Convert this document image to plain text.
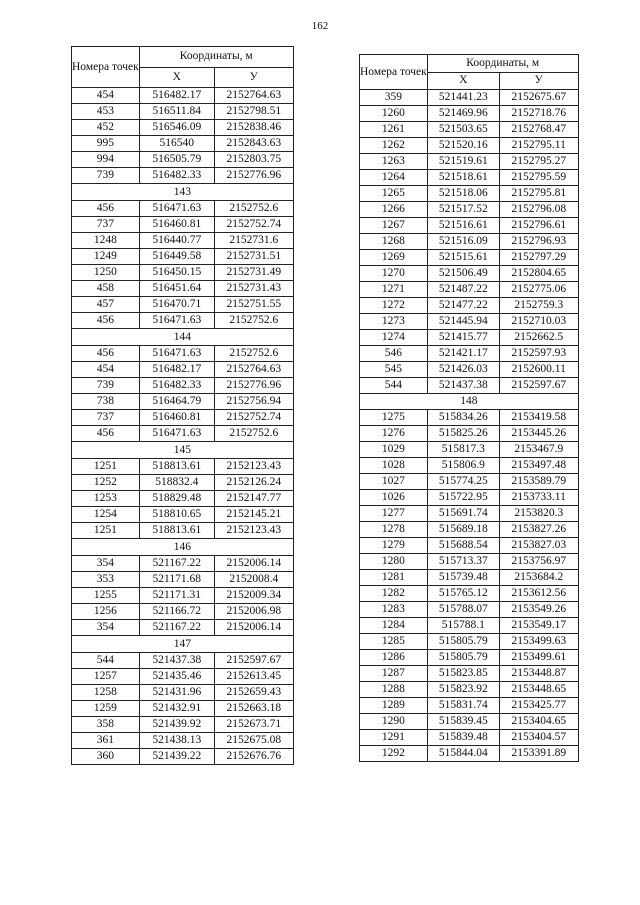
162
Номера точек	Координаты, м	
	X	У
454	516482.17	2152764.63
453	516511.84	2152798.51
452	516546.09	2152838.46
995	516540	2152843.63
994	516505.79	2152803.75
739	516482.33	2152776.96
143		
456	516471.63	2152752.6
737	516460.81	2152752.74
1248	516440.77	2152731.6
1249	516449.58	2152731.51
1250	516450.15	2152731.49
458	516451.64	2152731.43
457	516470.71	2152751.55
456	516471.63	2152752.6
144		
456	516471.63	2152752.6
454	516482.17	2152764.63
739	516482.33	2152776.96
738	516464.79	2152756.94
737	516460.81	2152752.74
456	516471.63	2152752.6
145		
1251	518813.61	2152123.43
1252	518832.4	2152126.24
1253	518829.48	2152147.77
1254	518810.65	2152145.21
1251	518813.61	2152123.43
146		
354	521167.22	2152006.14
353	521171.68	2152008.4
1255	521171.31	2152009.34
1256	521166.72	2152006.98
354	521167.22	2152006.14
147		
544	521437.38	2152597.67
1257	521435.46	2152613.45
1258	521431.96	2152659.43
1259	521432.91	2152663.18
358	521439.92	2152673.71
361	521438.13	2152675.08
360	521439.22	2152676.76
Номера точек	Координаты, м	
	X	У
359	521441.23	2152675.67
1260	521469.96	2152718.76
1261	521503.65	2152768.47
1262	521520.16	2152795.11
1263	521519.61	2152795.27
1264	521518.61	2152795.59
1265	521518.06	2152795.81
1266	521517.52	2152796.08
1267	521516.61	2152796.61
1268	521516.09	2152796.93
1269	521515.61	2152797.29
1270	521506.49	2152804.65
1271	521487.22	2152775.06
1272	521477.22	2152759.3
1273	521445.94	2152710.03
1274	521415.77	2152662.5
546	521421.17	2152597.93
545	521426.03	2152600.11
544	521437.38	2152597.67
148		
1275	515834.26	2153419.58
1276	515825.26	2153445.26
1029	515817.3	2153467.9
1028	515806.9	2153497.48
1027	515774.25	2153589.79
1026	515722.95	2153733.11
1277	515691.74	2153820.3
1278	515689.18	2153827.26
1279	515688.54	2153827.03
1280	515713.37	2153756.97
1281	515739.48	2153684.2
1282	515765.12	2153612.56
1283	515788.07	2153549.26
1284	515788.1	2153549.17
1285	515805.79	2153499.63
1286	515805.79	2153499.61
1287	515823.85	2153448.87
1288	515823.92	2153448.65
1289	515831.74	2153425.77
1290	515839.45	2153404.65
1291	515839.48	2153404.57
1292	515844.04	2153391.89
